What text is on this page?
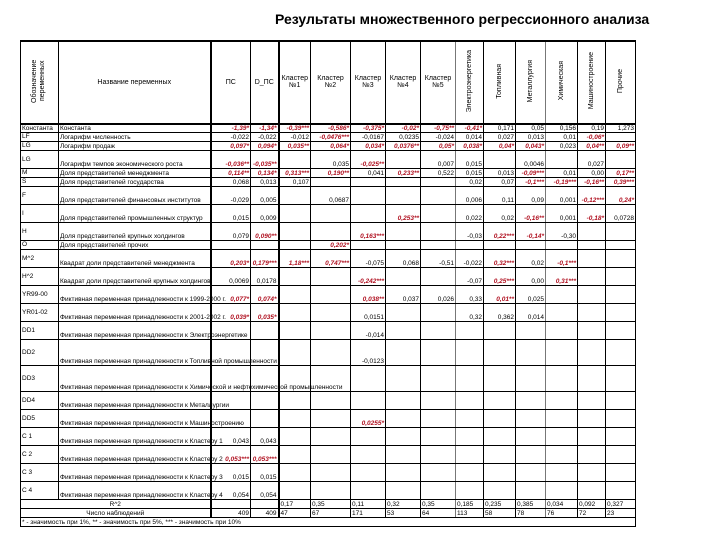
Результаты множественного регрессионного анализа
Обозначение переменных	Название переменных	ПС	D_ПС	Кластер №1	Кластер №2	Кластер №3	Кластер №4	Кластер №5	Электроэнергетика	Топливная	Металлургия	Химическая	Машиностроение	Прочие
Константа	Константа	-1,39*	-1,34*	-0,39***	-0,586*	-0,375*	-0,02*	-0,75**	-0,41*	0,171	0,05	0,156	0,19	1,273
LF	Логарифм численность	-0,022	-0,022	-0,012	-0,0476***	-0,0167	0,0235	-0,024	0,014	0,027	0,013	0,01	-0,06*	
LG	Логарифм продаж	0,097*	0,094*	0,035**	0,064*	0,034*	0,0376**	0,05*	0,038*	0,04*	0,043*	0,023	0,04**	0,09**
LG	Логарифм темпов экономического роста	-0,036**	-0,035**		0,035	-0,025**		0,007	0,015		0,0046		0,027	
M	Доля представителей менеджмента	0,114**	0,134*	0,313***	0,190**	0,041	0,233**	0,522	0,015	0,013	-0,09***	0,01	0,00	0,17**
S	Доля представителей государства	0,068	0,013	0,107					0,02	0,07	-0,1***	-0,19***	-0,16**	0,39***
F	Доля представителей финансовых институтов	-0,029	0,005		0,0687				0,006	0,11	0,09	0,001	-0,12***	0,24*
I	Доля представителей промышленных структур	0,015	0,009				0,253**		0,022	0,02	-0,16**	0,001	-0,18*	0,0728
H	Доля представителей крупных холдингов	0,079	0,090**			0,163***			-0,03	0,22***	-0,14*	-0,30		
O	Доля представителей прочих				0,202*									
M^2	Квадрат доли представителей менеджмента	0,203*	0,179***	1,18***	0,747***	-0,075	0,068	-0,51	-0,022	0,32***	0,02	-0,1***		
H^2	Квадрат доли представителей крупных холдингов	0,0069	0,0178			-0,242***			-0,07	0,25***	0,00	0,31***		
YR99-00	Фиктивная переменная принадлежности к 1999-2000 г.	0,077*	0,074*			0,038**	0,037	0,026	0,33	0,01**	0,025			
YR01-02	Фиктивная переменная принадлежности к 2001-2002 г.	0,039*	0,035*			0,0151			0,32	0,362	0,014			
DD1	Фиктивная переменная принадлежности к Электроэнергетике					-0,014								
DD2	Фиктивная переменная принадлежности к Топливной промышленности					-0,0123								
DD3	Фиктивная переменная принадлежности к Химической и нефтехимической промышленности													
DD4	Фиктивная переменная принадлежности к Металлургии													
DD5	Фиктивная переменная принадлежности к Машиностроению					0,0255*								
C 1	Фиктивная переменная принадлежности к Кластеру 1	0,043	0,043											
C 2	Фиктивная переменная принадлежности к Кластеру 2	0,053***	0,053***											
C 3	Фиктивная переменная принадлежности к Кластеру 3	0,015	0,015											
C 4	Фиктивная переменная принадлежности к Кластеру 4	0,054	0,054											
R^2				0,17	0,35	0,11	0,32	0,35	0,185	0,235	0,385	0,034	0,092	0,327
Число наблюдений		409	409	47	67	171	53	64	113	58	78	76	72	23
* - значимость при 1%, ** - значимость при 5%, *** - значимость при 10%														
